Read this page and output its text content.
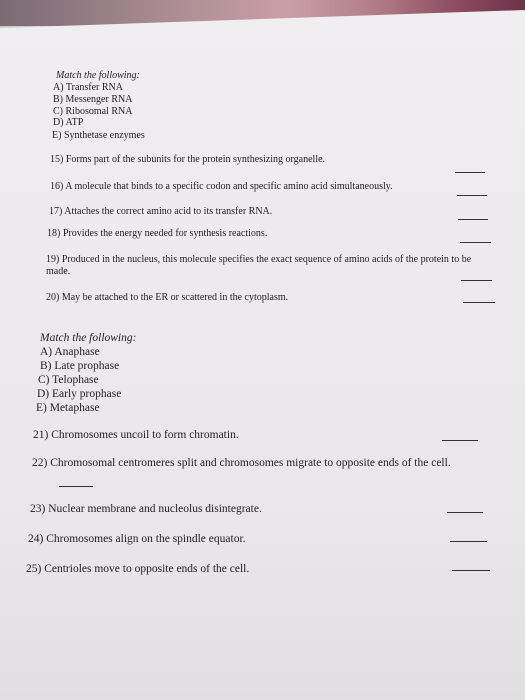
Match the following:
A) Transfer RNA
B) Messenger RNA
C) Ribosomal RNA
D) ATP
E) Synthetase enzymes
15) Forms part of the subunits for the protein synthesizing organelle.
16) A molecule that binds to a specific codon and specific amino acid simultaneously.
17) Attaches the correct amino acid to its transfer RNA.
18) Provides the energy needed for synthesis reactions.
19) Produced in the nucleus, this molecule specifies the exact sequence of amino acids of the protein to be made.
20) May be attached to the ER or scattered in the cytoplasm.
Match the following:
A) Anaphase
B) Late prophase
C) Telophase
D) Early prophase
E) Metaphase
21) Chromosomes uncoil to form chromatin.
22) Chromosomal centromeres split and chromosomes migrate to opposite ends of the cell.
23) Nuclear membrane and nucleolus disintegrate.
24) Chromosomes align on the spindle equator.
25) Centrioles move to opposite ends of the cell.
